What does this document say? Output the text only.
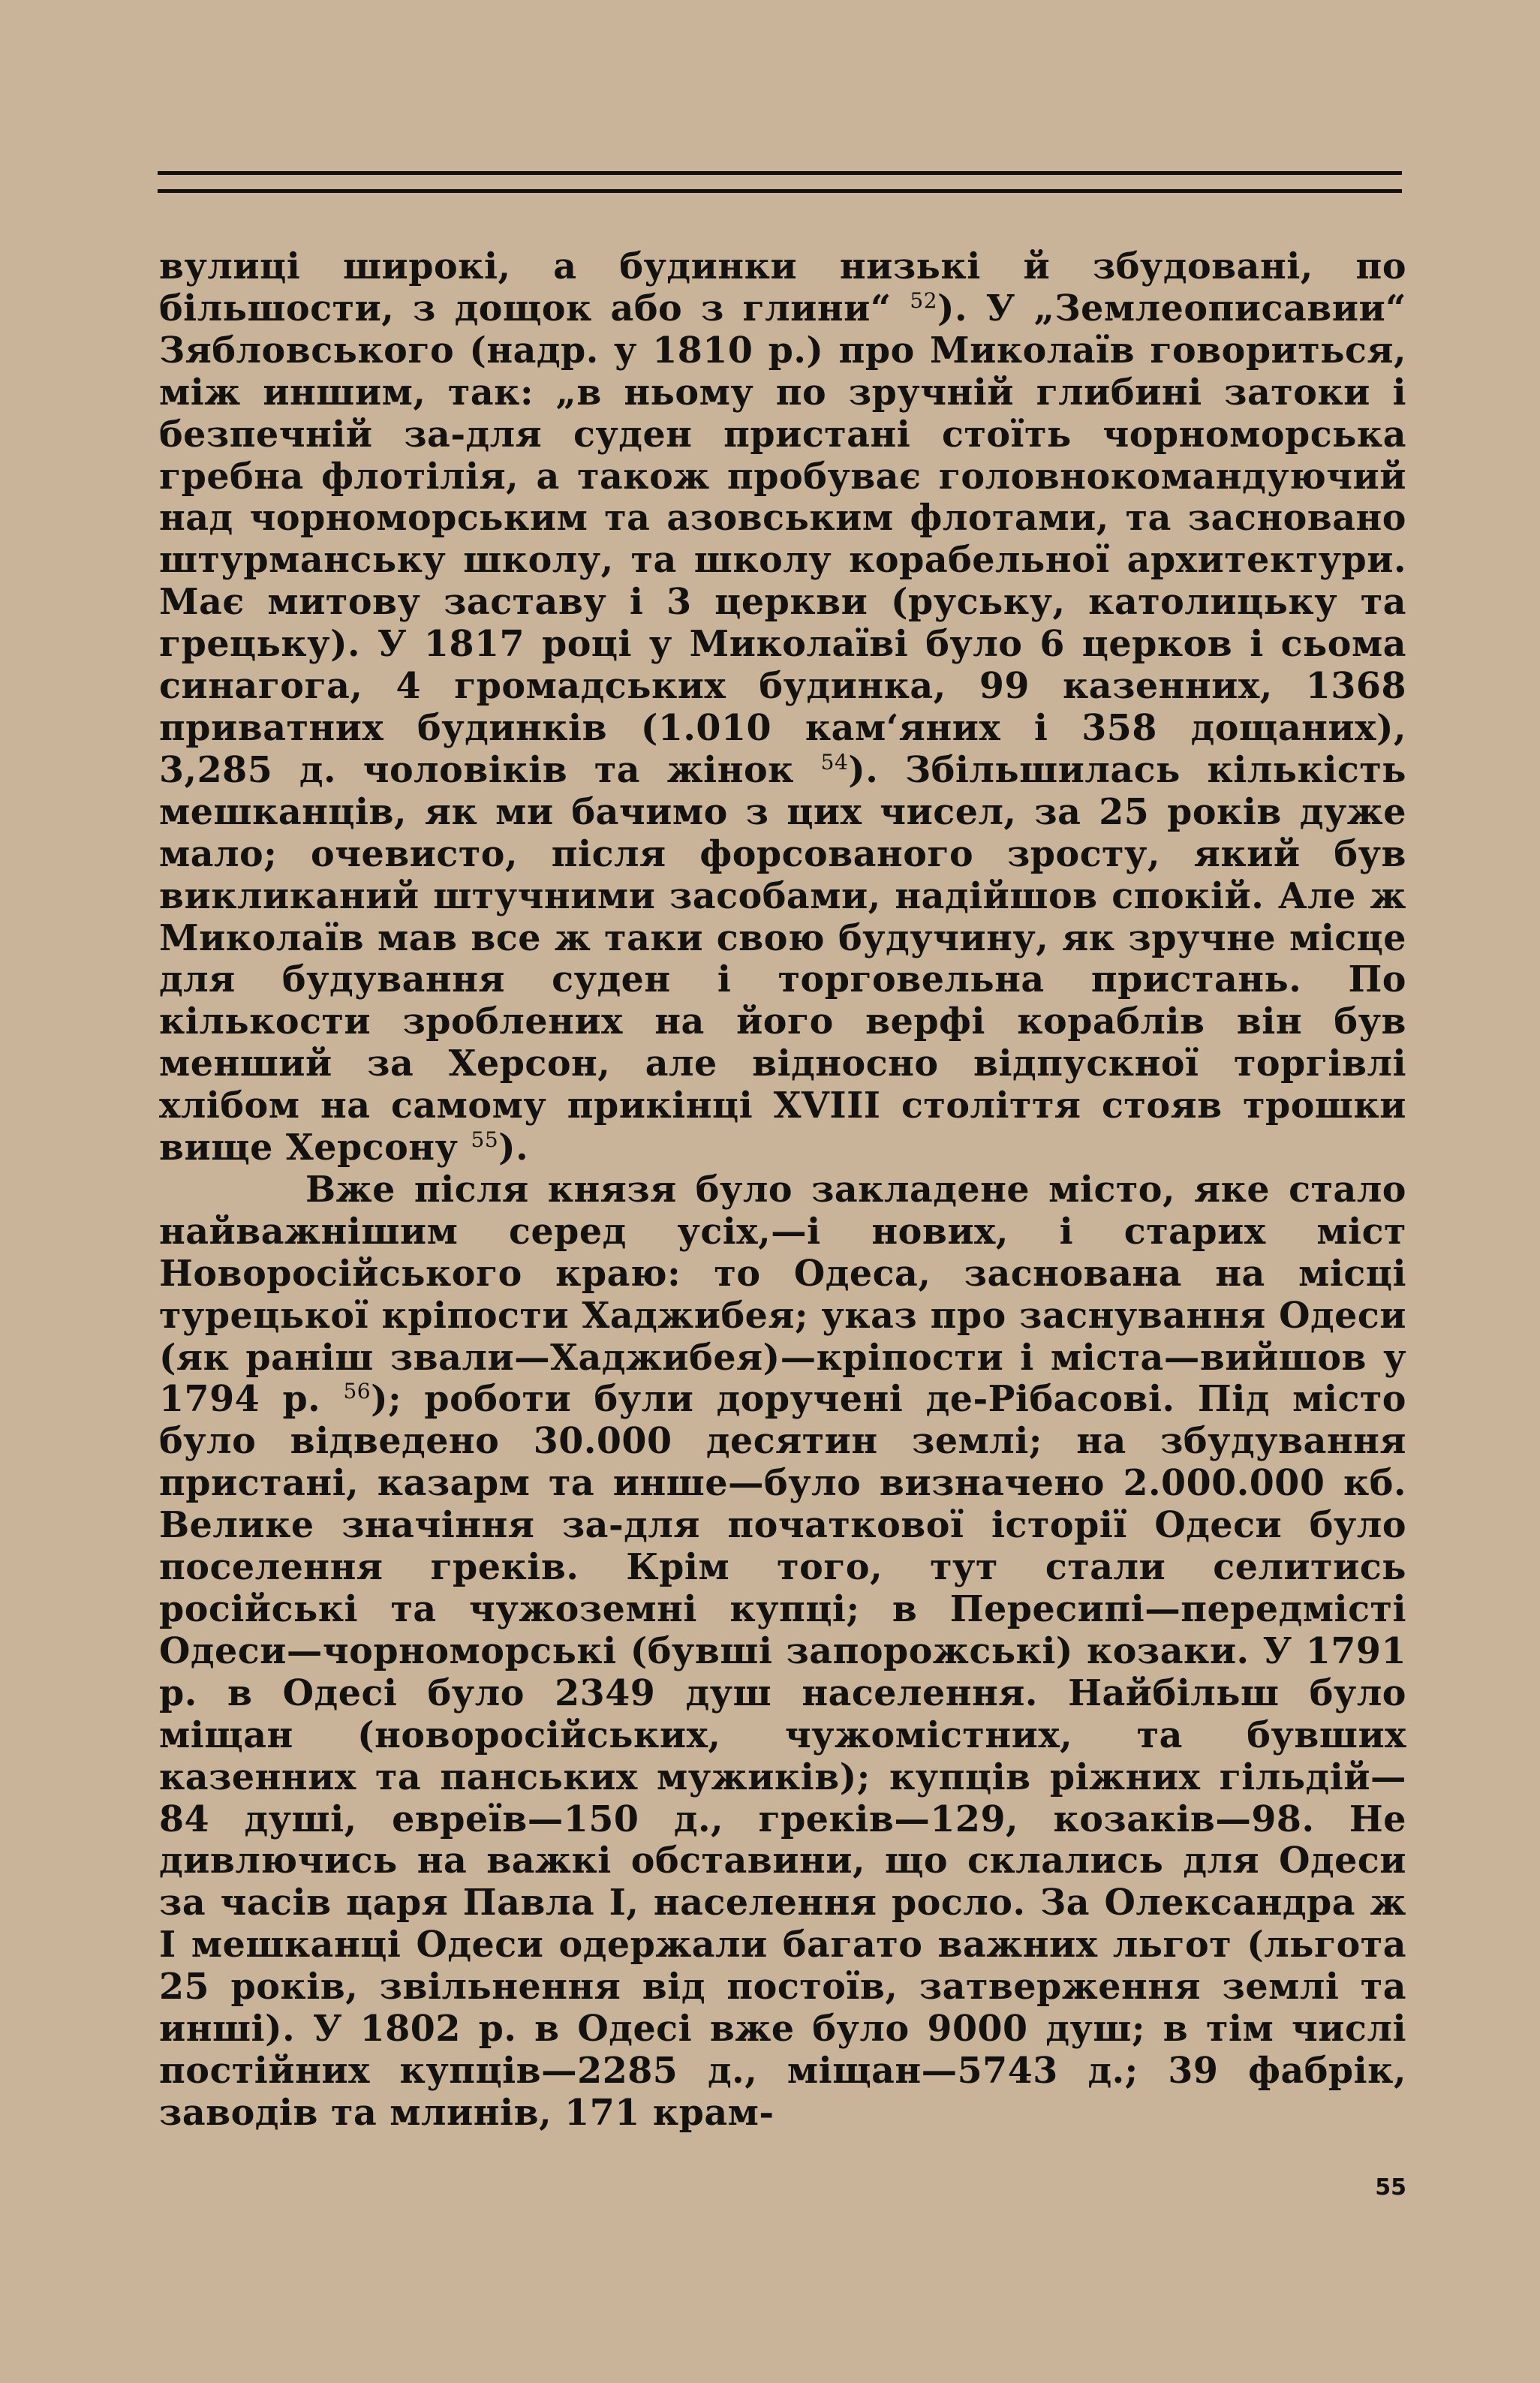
вулиці широкі, а будинки низькі й збудовані, по більшости, з дощок або з глини“ $^{52}$). У „Землеописавии“ Зябловського (надр. у 1810 р.) про Миколаїв говориться, між иншим, так: „в ньому по зручній глибині затоки і безпечній за-для суден пристані стоїть чорноморська гребна флотілія, а також пробуває головнокомандуючий над чорноморським та азовським флотами, та засновано штурманську школу, та школу корабельної архитектури. Має митову заставу і 3 церкви (руську, католицьку та грецьку). У 1817 році у Миколаїві було 6 церков і сьома синагога, 4 громадських будинка, 99 казенних, 1368 приватних будинків (1.010 кам‘яних і 358 дощаних), 3,285 д. чоловіків та жінок $^{54}$). Збільшилась кількість мешканців, як ми бачимо з цих чисел, за 25 років дуже мало; очевисто, після форсованого зросту, який був викликаний штучними засобами, надійшов спокій. Але ж Миколаїв мав все ж таки свою будучину, як зручне місце для будування суден і торговельна пристань. По кількости зроблених на його верфі кораблів він був менший за Херсон, але відносно відпускної торгівлі хлібом на самому прикінці XVIII століття стояв трошки вище Херсону $^{55}$).

Вже після князя було закладене місто, яке стало найважнішим серед усіх,—і нових, і старих міст Новоросійського краю: то Одеса, заснована на місці турецької кріпости Хаджибея; указ про заснування Одеси (як раніш звали—Хаджибея)—кріпости і міста—вийшов у 1794 р. $^{56}$); роботи були доручені де-Рібасові. Під місто було відведено 30.000 десятин землі; на збудування пристані, казарм та инше—було визначено 2.000.000 кб. Велике значіння за-для початкової історії Одеси було поселення греків. Крім того, тут стали селитись російські та чужоземні купці; в Пересипі—передмісті Одеси—чорноморські (бувші запорожські) козаки. У 1791 р. в Одесі було 2349 душ населення. Найбільш було міщан (новоросійських, чужомістних, та бувших казенних та панських мужиків); купців ріжних гільдій—84 душі, евреїв—150 д., греків—129, козаків—98. Не дивлючись на важкі обставини, що склались для Одеси за часів царя Павла І, населення росло. За Олександра ж І мешканці Одеси одержали багато важних льгот (льгота 25 років, звільнення від постоїв, затверження землі та инші). У 1802 р. в Одесі вже було 9000 душ; в тім числі постійних купців—2285 д., міщан—5743 д.; 39 фабрік, заводів та млинів, 171 крам-

55
